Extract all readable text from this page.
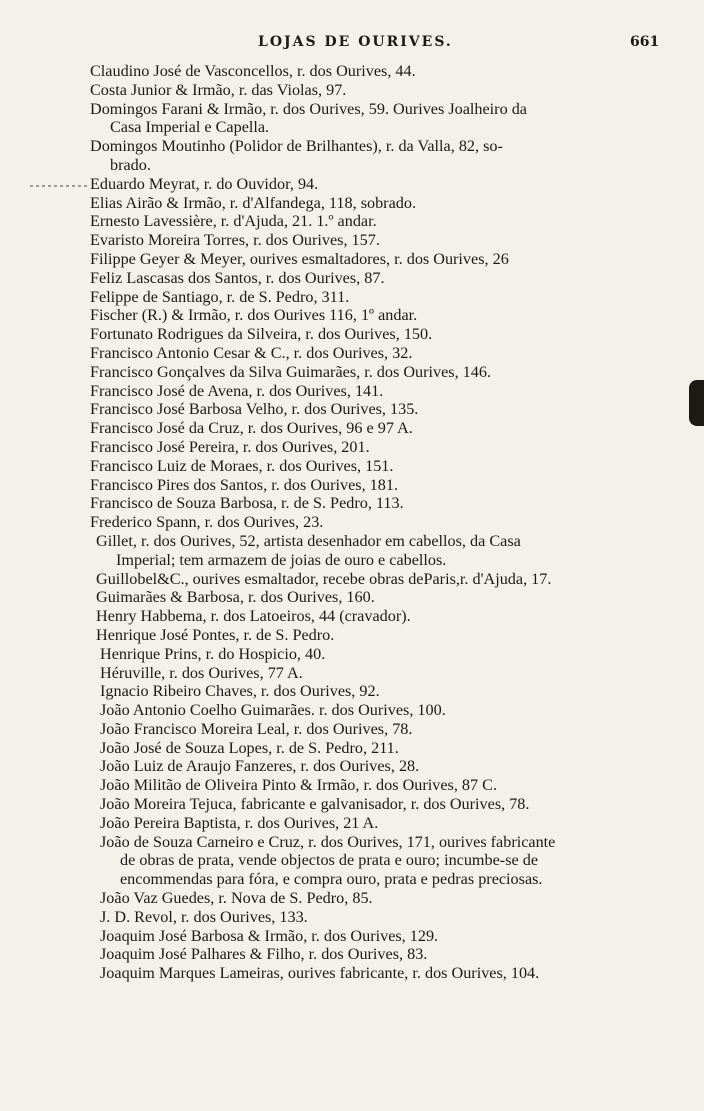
LOJAS DE OURIVES.	661
Claudino José de Vasconcellos, r. dos Ourives, 44.
Costa Junior & Irmão, r. das Violas, 97.
Domingos Farani & Irmão, r. dos Ourives, 59. Ourives Joalheiro da
Casa Imperial e Capella.
Domingos Moutinho (Polidor de Brilhantes), r. da Valla, 82, so-
brado.
Eduardo Meyrat, r. do Ouvidor, 94.
Elias Airão & Irmão, r. d'Alfandega, 118, sobrado.
Ernesto Lavessière, r. d'Ajuda, 21. 1.º andar.
Evaristo Moreira Torres, r. dos Ourives, 157.
Filippe Geyer & Meyer, ourives esmaltadores, r. dos Ourives, 26
Feliz Lascasas dos Santos, r. dos Ourives, 87.
Felippe de Santiago, r. de S. Pedro, 311.
Fischer (R.) & Irmão, r. dos Ourives 116, 1º andar.
Fortunato Rodrigues da Silveira, r. dos Ourives, 150.
Francisco Antonio Cesar & C., r. dos Ourives, 32.
Francisco Gonçalves da Silva Guimarães, r. dos Ourives, 146.
Francisco José de Avena, r. dos Ourives, 141.
Francisco José Barbosa Velho, r. dos Ourives, 135.
Francisco José da Cruz, r. dos Ourives, 96 e 97 A.
Francisco José Pereira, r. dos Ourives, 201.
Francisco Luiz de Moraes, r. dos Ourives, 151.
Francisco Pires dos Santos, r. dos Ourives, 181.
Francisco de Souza Barbosa, r. de S. Pedro, 113.
Frederico Spann, r. dos Ourives, 23.
Gillet, r. dos Ourives, 52, artista desenhador em cabellos, da Casa
Imperial; tem armazem de joias de ouro e cabellos.
Guillobel&C., ourives esmaltador, recebe obras deParis,r. d'Ajuda, 17.
Guimarães & Barbosa, r. dos Ourives, 160.
Henry Habbema, r. dos Latoeiros, 44 (cravador).
Henrique José Pontes, r. de S. Pedro.
Henrique Prins, r. do Hospicio, 40.
Héruville, r. dos Ourives, 77 A.
Ignacio Ribeiro Chaves, r. dos Ourives, 92.
João Antonio Coelho Guimarães. r. dos Ourives, 100.
João Francisco Moreira Leal, r. dos Ourives, 78.
João José de Souza Lopes, r. de S. Pedro, 211.
João Luiz de Araujo Fanzeres, r. dos Ourives, 28.
João Militão de Oliveira Pinto & Irmão, r. dos Ourives, 87 C.
João Moreira Tejuca, fabricante e galvanisador, r. dos Ourives, 78.
João Pereira Baptista, r. dos Ourives, 21 A.
João de Souza Carneiro e Cruz, r. dos Ourives, 171, ourives fabricante
de obras de prata, vende objectos de prata e ouro; incumbe-se de
encommendas para fóra, e compra ouro, prata e pedras preciosas.
João Vaz Guedes, r. Nova de S. Pedro, 85.
J. D. Revol, r. dos Ourives, 133.
Joaquim José Barbosa & Irmão, r. dos Ourives, 129.
Joaquim José Palhares & Filho, r. dos Ourives, 83.
Joaquim Marques Lameiras, ourives fabricante, r. dos Ourives, 104.
